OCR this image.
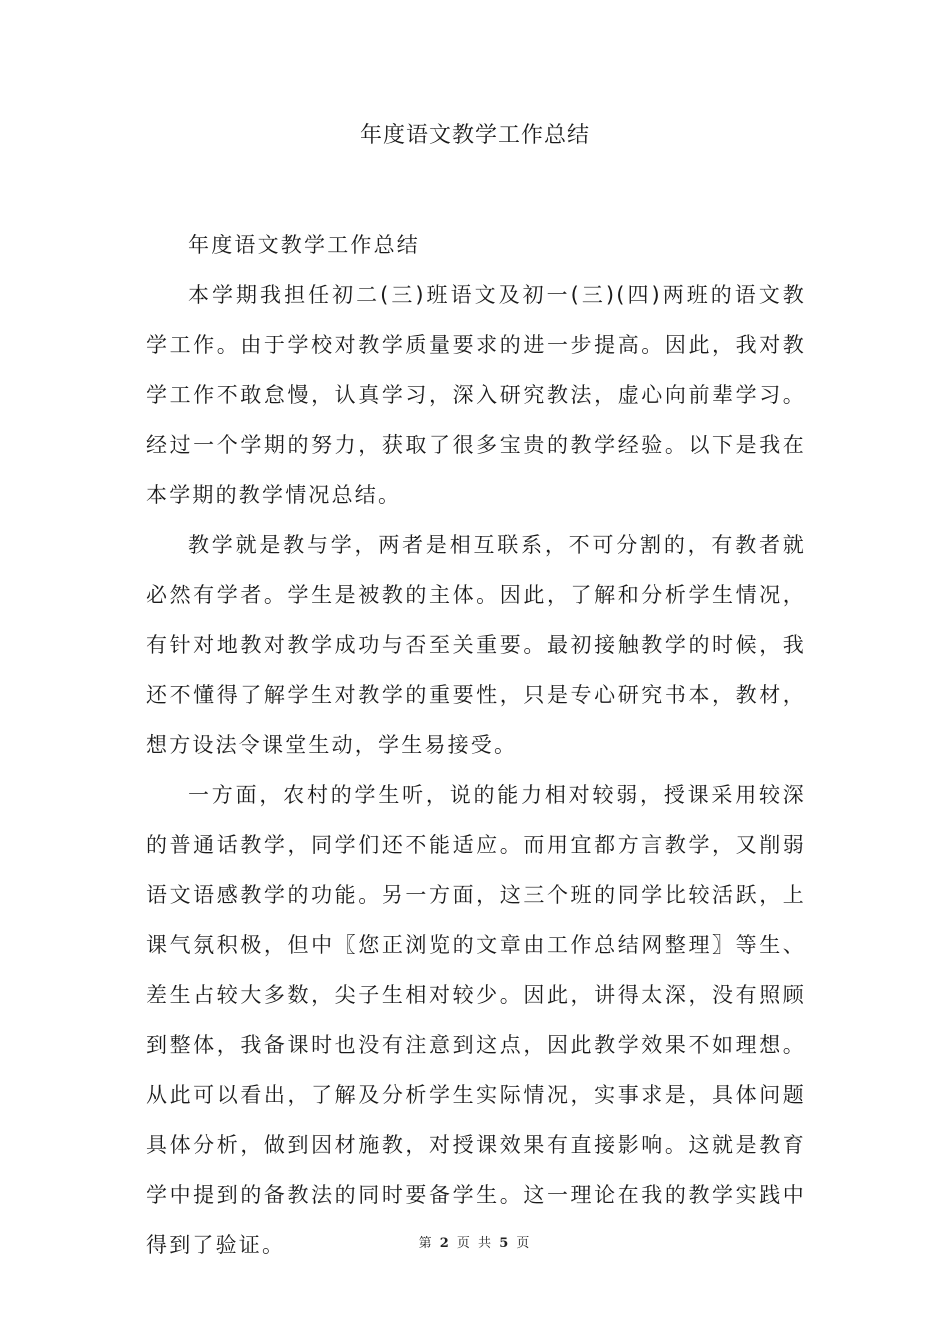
年度语文教学工作总结

年度语文教学工作总结

本学期我担任初二(三)班语文及初一(三)(四)两班的语文教学工作。由于学校对教学质量要求的进一步提高。因此，我对教学工作不敢怠慢，认真学习，深入研究教法，虚心向前辈学习。经过一个学期的努力，获取了很多宝贵的教学经验。以下是我在本学期的教学情况总结。

教学就是教与学，两者是相互联系，不可分割的，有教者就必然有学者。学生是被教的主体。因此，了解和分析学生情况，有针对地教对教学成功与否至关重要。最初接触教学的时候，我还不懂得了解学生对教学的重要性，只是专心研究书本，教材，想方设法令课堂生动，学生易接受。

一方面，农村的学生听，说的能力相对较弱，授课采用较深的普通话教学，同学们还不能适应。而用宜都方言教学，又削弱语文语感教学的功能。另一方面，这三个班的同学比较活跃，上课气氛积极，但中〖您正浏览的文章由工作总结网整理〗等生、差生占较大多数，尖子生相对较少。因此，讲得太深，没有照顾到整体，我备课时也没有注意到这点，因此教学效果不如理想。从此可以看出，了解及分析学生实际情况，实事求是，具体问题具体分析，做到因材施教，对授课效果有直接影响。这就是教育学中提到的备教法的同时要备学生。这一理论在我的教学实践中得到了验证。	第 2 页 共 5 页
